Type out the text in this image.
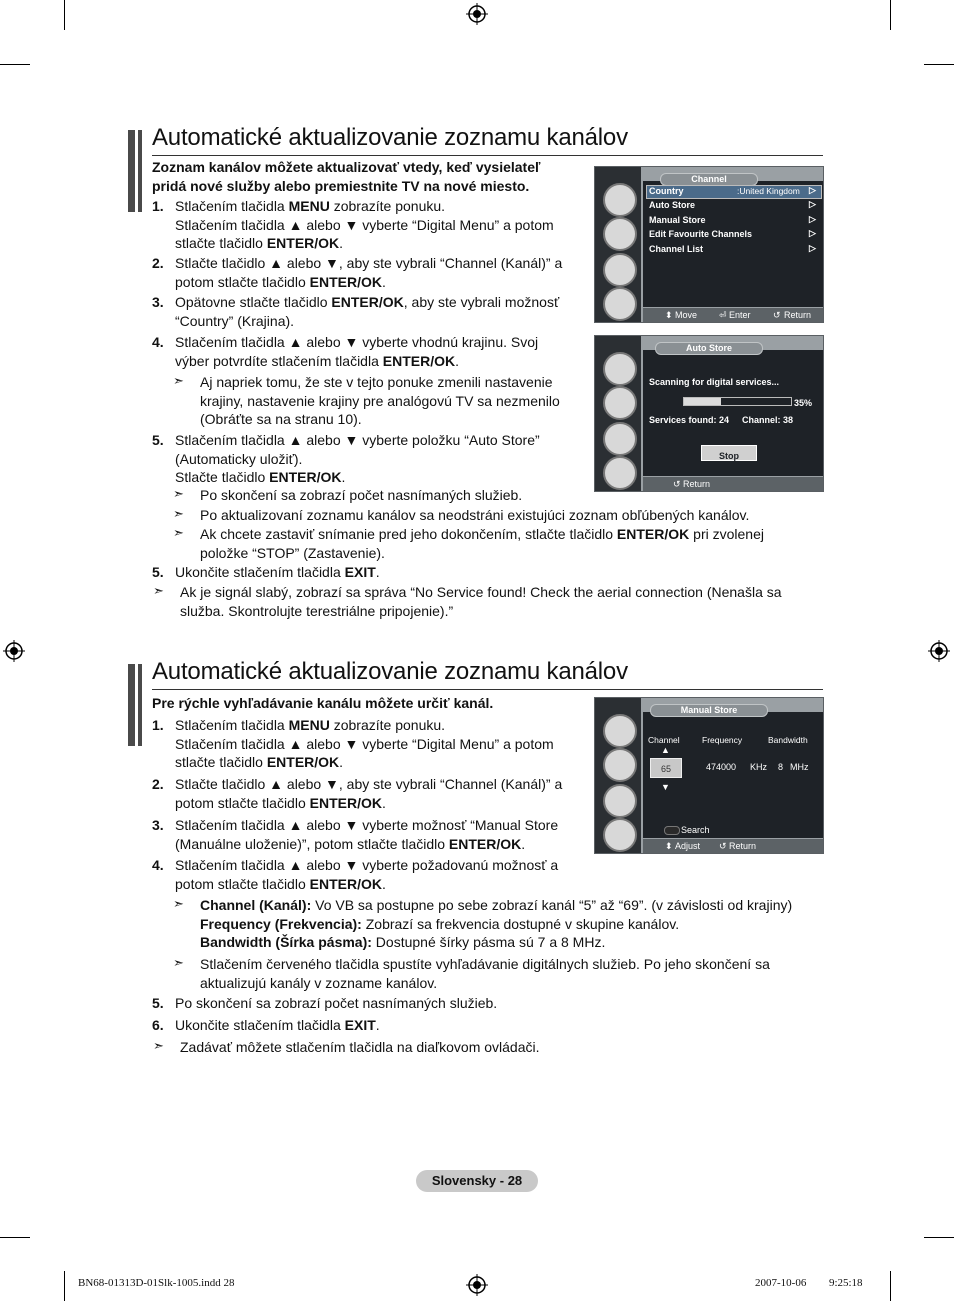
Automatické aktualizovanie zoznamu kanálov
Zoznam kanálov môžete aktualizovať vtedy, keď vysielateľ
pridá nové služby alebo premiestnite TV na nové miesto.
1. Stlačením tlačidla MENU zobrazíte ponuku.
Stlačením tlačidla ▲ alebo ▼ vyberte “Digital Menu” a potom
stlačte tlačidlo ENTER/OK.
2. Stlačte tlačidlo ▲ alebo ▼, aby ste vybrali “Channel (Kanál)” a
potom stlačte tlačidlo ENTER/OK.
3. Opätovne stlačte tlačidlo ENTER/OK, aby ste vybrali možnosť
“Country” (Krajina).
4. Stlačením tlačidla ▲ alebo ▼ vyberte vhodnú krajinu. Svoj
výber potvrdíte stlačením tlačidla ENTER/OK.
➣ Aj napriek tomu, že ste v tejto ponuke zmenili nastavenie
krajiny, nastavenie krajiny pre analógovú TV sa nezmenilo
(Obráťte sa na stranu 10).
5. Stlačením tlačidla ▲ alebo ▼ vyberte položku “Auto Store”
(Automaticky uložiť).
Stlačte tlačidlo ENTER/OK.
➣ Po skončení sa zobrazí počet nasnímaných služieb.
➣ Po aktualizovaní zoznamu kanálov sa neodstráni existujúci zoznam obľúbených kanálov.
➣ Ak chcete zastaviť snímanie pred jeho dokončením, stlačte tlačidlo ENTER/OK pri zvolenej
položke “STOP” (Zastavenie).
5. Ukončite stlačením tlačidla EXIT.
➣ Ak je signál slabý, zobrazí sa správa “No Service found! Check the aerial connection (Nenašla sa
služba. Skontrolujte terestriálne pripojenie).”
Channel
Country	:United Kingdom ▷
Auto Store	▷
Manual Store	▷
Edit Favourite Channels	▷
Channel List	▷
⬍ Move ⏎ Enter ↺ Return
Auto Store
Scanning for digital services...
35%
Services found: 24 Channel: 38
Stop
↺ Return
Automatické aktualizovanie zoznamu kanálov
Pre rýchle vyhľadávanie kanálu môžete určiť kanál.
1. Stlačením tlačidla MENU zobrazíte ponuku.
Stlačením tlačidla ▲ alebo ▼ vyberte “Digital Menu” a potom
stlačte tlačidlo ENTER/OK.
2. Stlačte tlačidlo ▲ alebo ▼, aby ste vybrali “Channel (Kanál)” a
potom stlačte tlačidlo ENTER/OK.
3. Stlačením tlačidla ▲ alebo ▼ vyberte možnosť “Manual Store
(Manuálne uloženie)”, potom stlačte tlačidlo ENTER/OK.
4. Stlačením tlačidla ▲ alebo ▼ vyberte požadovanú možnosť a
potom stlačte tlačidlo ENTER/OK.
➣ Channel (Kanál): Vo VB sa postupne po sebe zobrazí kanál “5” až “69”. (v závislosti od krajiny)
Frequency (Frekvencia): Zobrazí sa frekvencia dostupné v skupine kanálov.
Bandwidth (Šírka pásma): Dostupné šírky pásma sú 7 a 8 MHz.
➣ Stlačením červeného tlačidla spustíte vyhľadávanie digitálnych služieb. Po jeho skončení sa
aktualizujú kanály v zozname kanálov.
5. Po skončení sa zobrazí počet nasnímaných služieb.
6. Ukončite stlačením tlačidla EXIT.
➣ Zadávať môžete stlačením tlačidla na diaľkovom ovládači.
Manual Store
Channel	Frequency	Bandwidth
▲
65
▼
474000 KHz 8 MHz
Search
⬍ Adjust ↺ Return
Slovensky - 28
BN68-01313D-01Slk-1005.indd 28	2007-10-06 ￿￿ 9:25:18
